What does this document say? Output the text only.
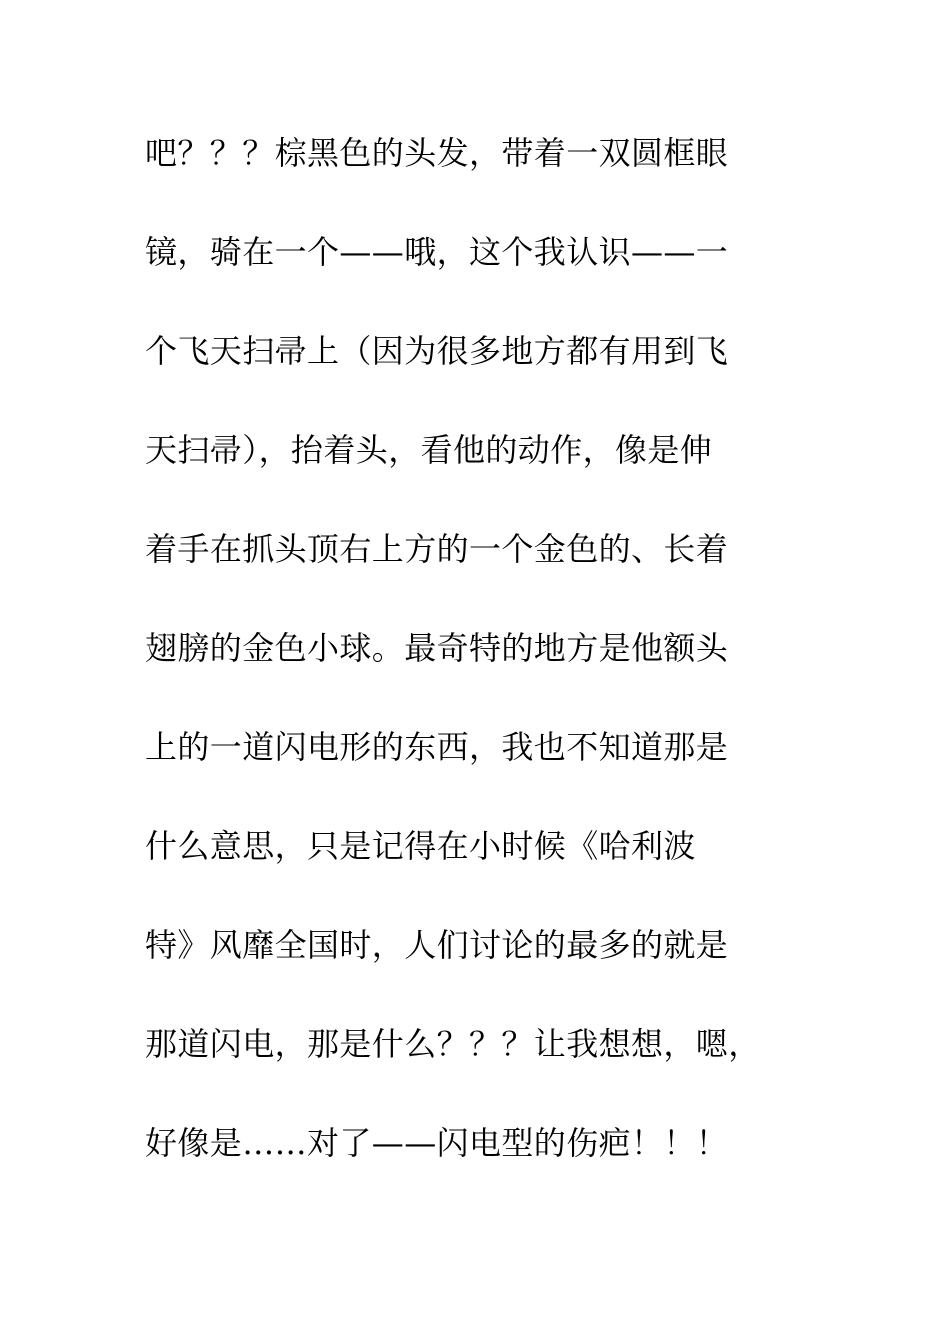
吧？？？棕黑色的头发，带着一双圆框眼
镜，骑在一个——哦，这个我认识——一
个飞天扫帚上（因为很多地方都有用到飞
天扫帚），抬着头，看他的动作，像是伸
着手在抓头顶右上方的一个金色的、长着
翅膀的金色小球。最奇特的地方是他额头
上的一道闪电形的东西，我也不知道那是
什么意思，只是记得在小时候《哈利波
特》风靡全国时，人们讨论的最多的就是
那道闪电，那是什么？？？让我想想，嗯，
好像是……对了——闪电型的伤疤！！！
